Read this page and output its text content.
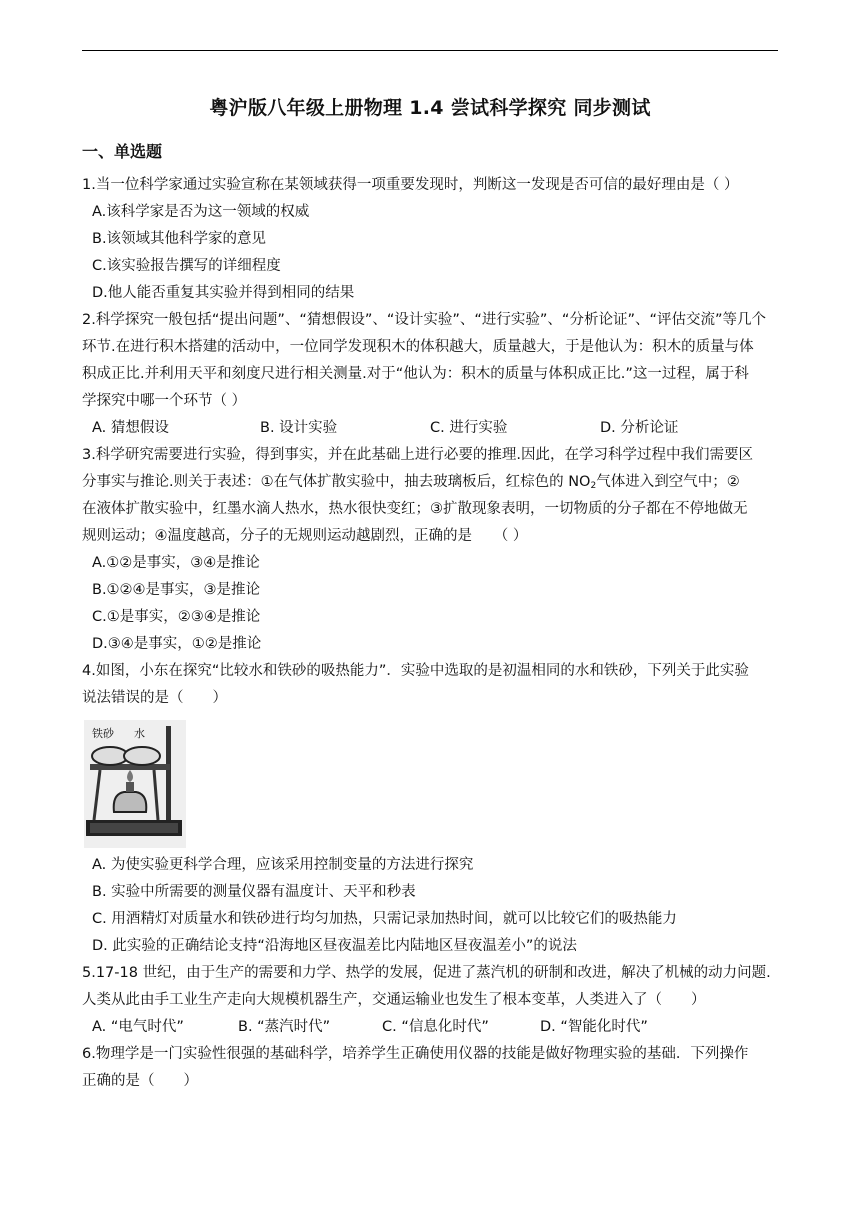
粤沪版八年级上册物理 1.4 尝试科学探究 同步测试
一、单选题
1.当一位科学家通过实验宣称在某领域获得一项重要发现时，判断这一发现是否可信的最好理由是（ ）
A.该科学家是否为这一领域的权威
B.该领域其他科学家的意见
C.该实验报告撰写的详细程度
D.他人能否重复其实验并得到相同的结果
2.科学探究一般包括“提出问题”、“猜想假设”、“设计实验”、“进行实验”、“分析论证”、“评估交流”等几个
环节.在进行积木搭建的活动中，一位同学发现积木的体积越大，质量越大，于是他认为：积木的质量与体
积成正比.并利用天平和刻度尺进行相关测量.对于“他认为：积木的质量与体积成正比.”这一过程，属于科
学探究中哪一个环节（ ）
A. 猜想假设	B. 设计实验	C. 进行实验	D. 分析论证
3.科学研究需要进行实验，得到事实，并在此基础上进行必要的推理.因此，在学习科学过程中我们需要区
分事实与推论.则关于表述：①在气体扩散实验中，抽去玻璃板后，红棕色的 $NO_2$气体进入到空气中；②
在液体扩散实验中，红墨水滴人热水，热水很快变红；③扩散现象表明，一切物质的分子都在不停地做无
规则运动；④温度越高，分子的无规则运动越剧烈，正确的是　　（ ）
A.①②是事实，③④是推论
B.①②④是事实，③是推论
C.①是事实，②③④是推论
D.③④是事实，①②是推论
4.如图，小东在探究“比较水和铁砂的吸热能力”．实验中选取的是初温相同的水和铁砂，下列关于此实验
说法错误的是（　　）
铁砂 水
A. 为使实验更科学合理，应该采用控制变量的方法进行探究
B. 实验中所需要的测量仪器有温度计、天平和秒表
C. 用酒精灯对质量水和铁砂进行均匀加热，只需记录加热时间，就可以比较它们的吸热能力
D. 此实验的正确结论支持“沿海地区昼夜温差比内陆地区昼夜温差小”的说法
5.17-18 世纪，由于生产的需要和力学、热学的发展，促进了蒸汽机的研制和改进，解决了机械的动力问题.
人类从此由手工业生产走向大规模机器生产，交通运输业也发生了根本变革，人类进入了（　　）
A. “电气时代”	B. “蒸汽时代”	C. “信息化时代”	D. “智能化时代”
6.物理学是一门实验性很强的基础科学，培养学生正确使用仪器的技能是做好物理实验的基础．下列操作
正确的是（　　）
